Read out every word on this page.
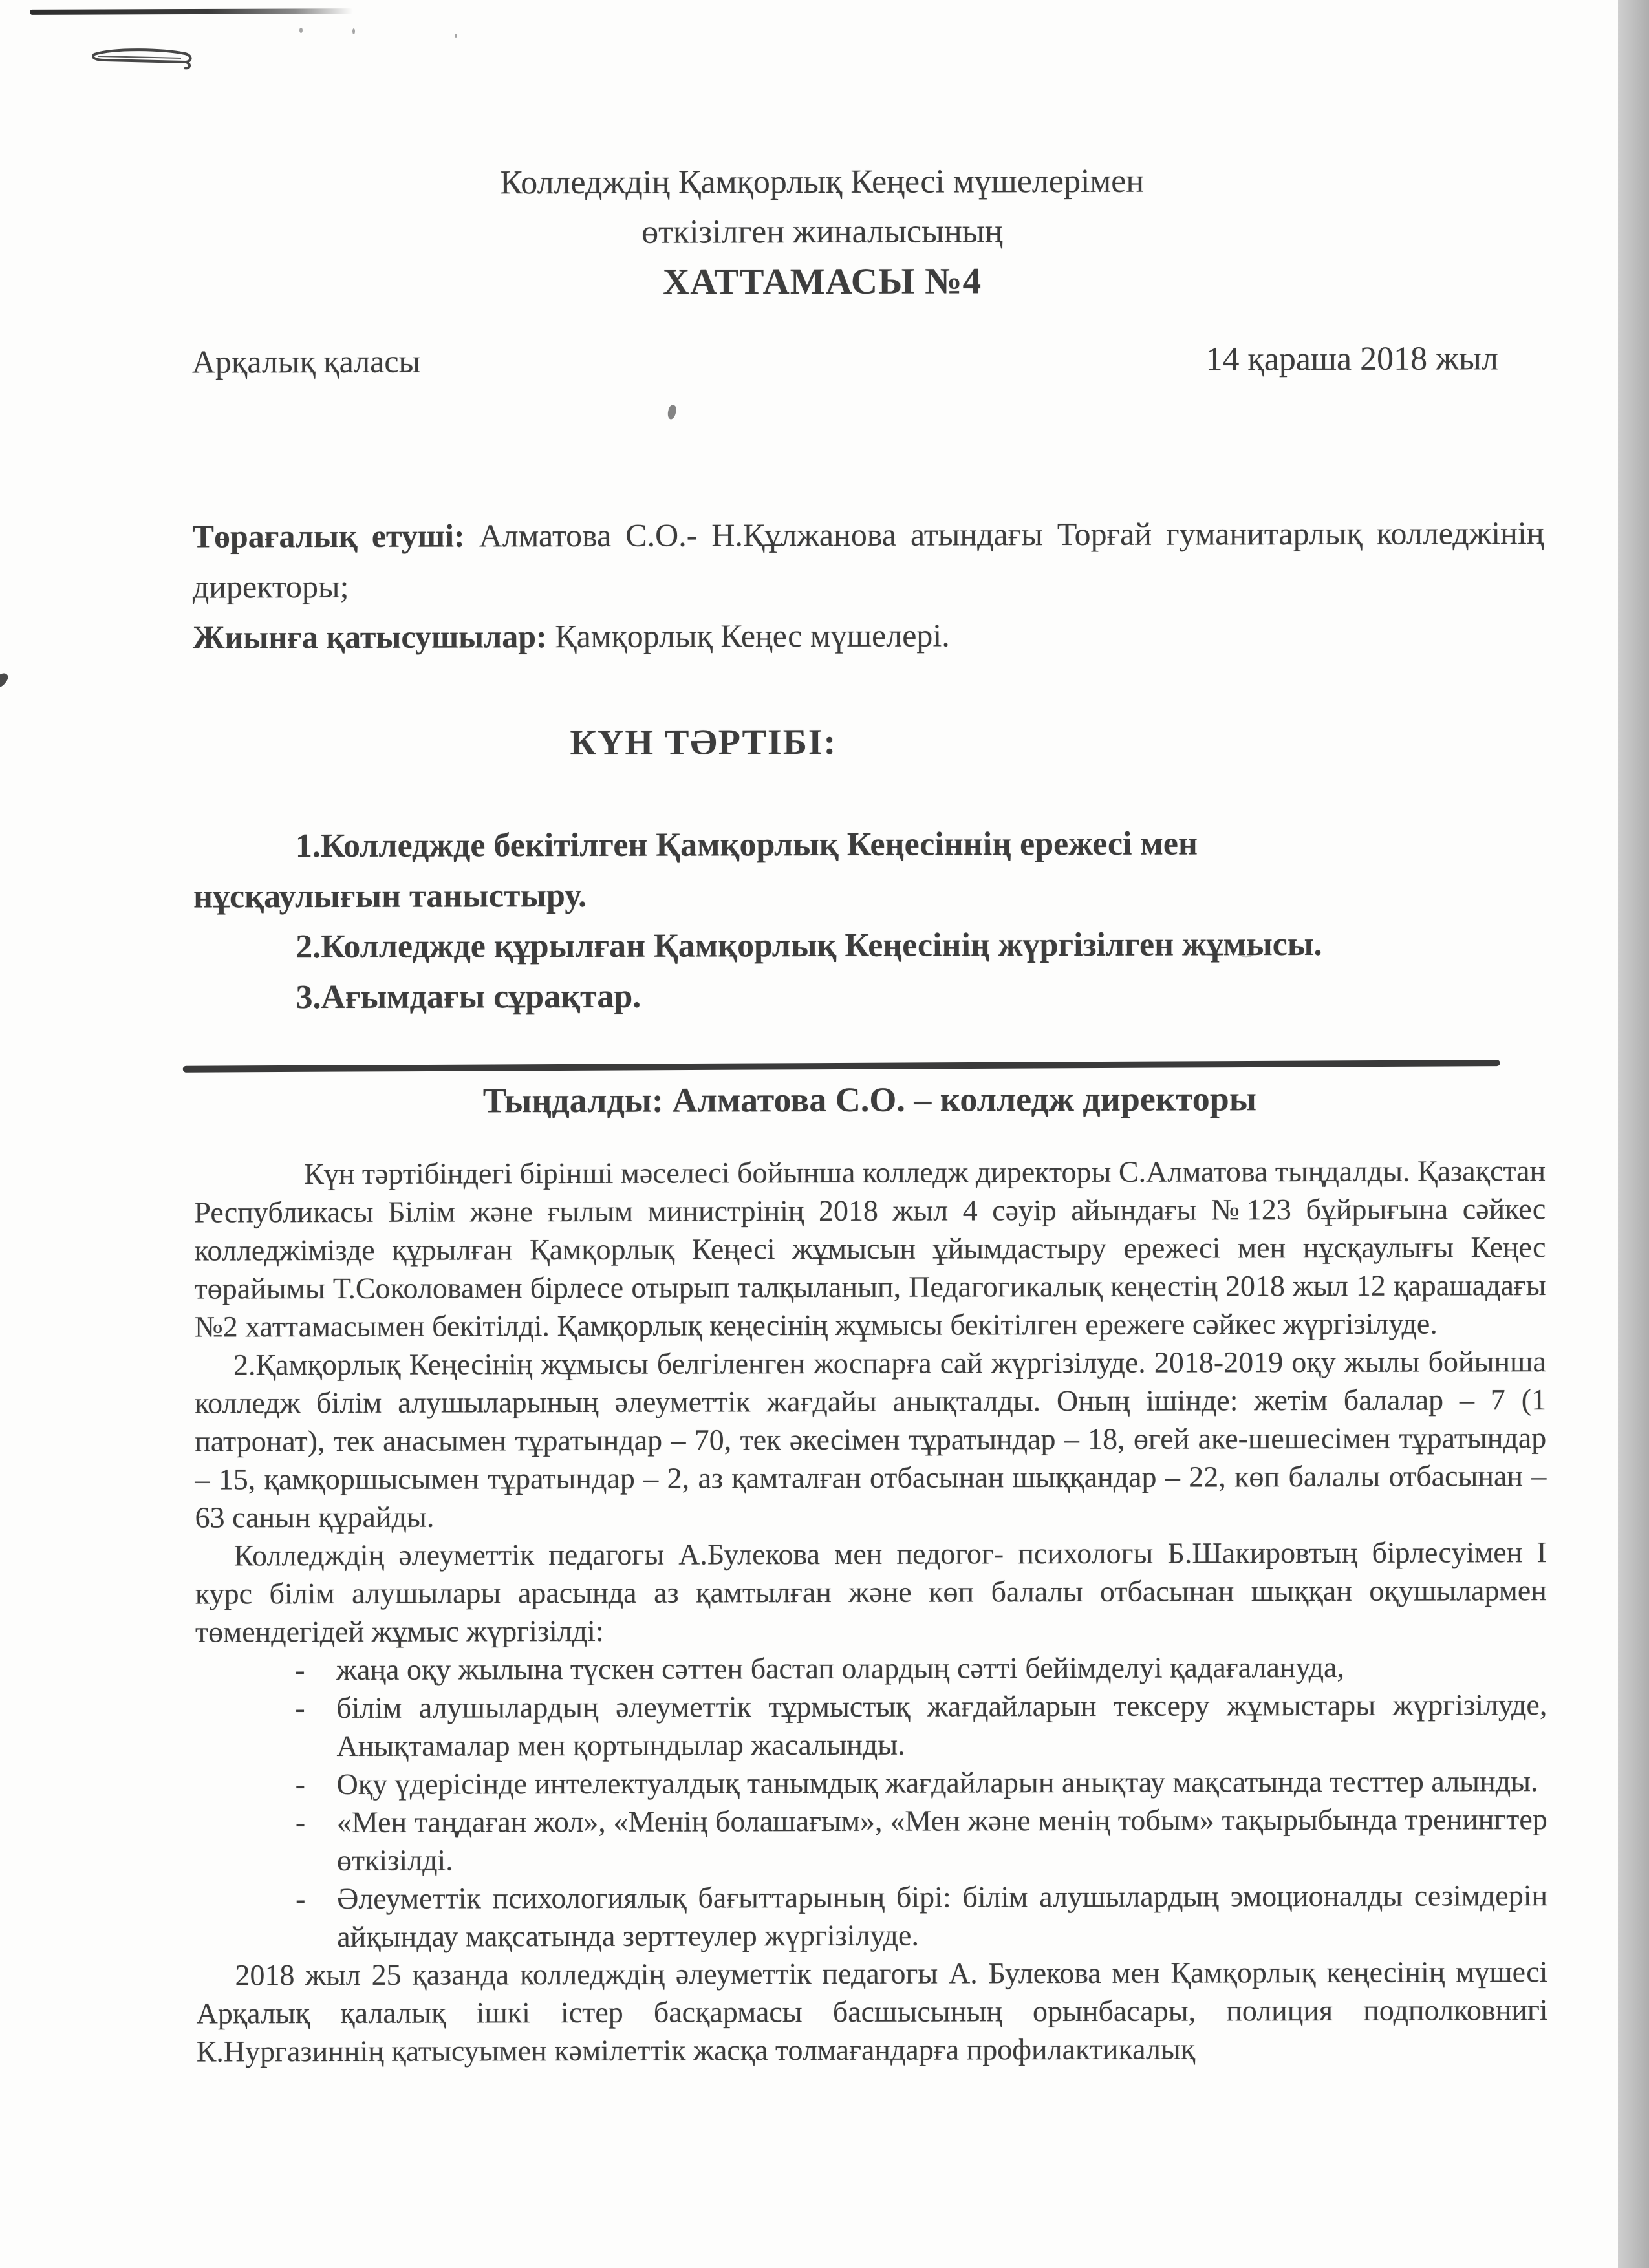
Колледждің Қамқорлық Кеңесі мүшелерімен
өткізілген жиналысының
ХАТТАМАСЫ №4
Арқалық қаласы	14 қараша 2018 жыл

Төрағалық етуші: Алматова С.О.- Н.Құлжанова атындағы Торғай гуманитарлық колледжінің директоры;

Жиынға қатысушылар: Қамқорлық Кеңес мүшелері.

КҮН ТӘРТІБІ:

1.Колледжде бекітілген Қамқорлық Кеңесіннің ережесі мен
нұсқаулығын таныстыру.

2.Колледжде құрылған Қамқорлық Кеңесінің жүргізілген жұмысы.

3.Ағымдағы сұрақтар.

Тыңдалды: Алматова С.О. – колледж директоры

Күн тәртібіндегі бірінші мәселесі бойынша колледж директоры С.Алматова тыңдалды. Қазақстан Республикасы Білім және ғылым министрінің 2018 жыл 4 сәуір айындағы №123 бұйрығына сәйкес колледжімізде құрылған Қамқорлық Кеңесі жұмысын ұйымдастыру ережесі мен нұсқаулығы Кеңес төрайымы Т.Соколовамен бірлесе отырып талқыланып, Педагогикалық кеңестің 2018 жыл 12 қарашадағы №2 хаттамасымен бекітілді. Қамқорлық кеңесінің жұмысы бекітілген ережеге сәйкес жүргізілуде.

2.Қамқорлық Кеңесінің жұмысы белгіленген жоспарға сай жүргізілуде. 2018-2019 оқу жылы бойынша колледж білім алушыларының әлеуметтік жағдайы анықталды. Оның ішінде: жетім балалар – 7 (1 патронат), тек анасымен тұратындар – 70, тек әкесімен тұратындар – 18, өгей аке-шешесімен тұратындар – 15, қамқоршысымен тұратындар – 2, аз қамталған отбасынан шыққандар – 22, көп балалы отбасынан – 63 санын құрайды.

Колледждің әлеуметтік педагогы А.Булекова мен педогог- психологы Б.Шакировтың бірлесуімен I курс білім алушылары арасында аз қамтылған және көп балалы отбасынан шыққан оқушылармен төмендегідей жұмыс жүргізілді:

- жаңа оқу жылына түскен сәттен бастап олардың сәтті бейімделуі қадағалануда,
- білім алушылардың әлеуметтік тұрмыстық жағдайларын тексеру жұмыстары жүргізілуде, Анықтамалар мен қортындылар жасалынды.
- Оқу үдерісінде интелектуалдық танымдық жағдайларын анықтау мақсатында тесттер алынды.
- «Мен таңдаған жол», «Менің болашағым», «Мен және менің тобым» тақырыбында тренингтер өткізілді.
- Әлеуметтік психологиялық бағыттарының бірі: білім алушылардың эмоционалды сезімдерін айқындау мақсатында зерттеулер жүргізілуде.

2018 жыл 25 қазанда колледждің әлеуметтік педагогы А. Булекова мен Қамқорлық кеңесінің мүшесі Арқалық қалалық ішкі істер басқармасы басшысының орынбасары, полиция подполковнигі К.Нургазиннің қатысуымен кәмілеттік жасқа толмағандарға профилактикалық
